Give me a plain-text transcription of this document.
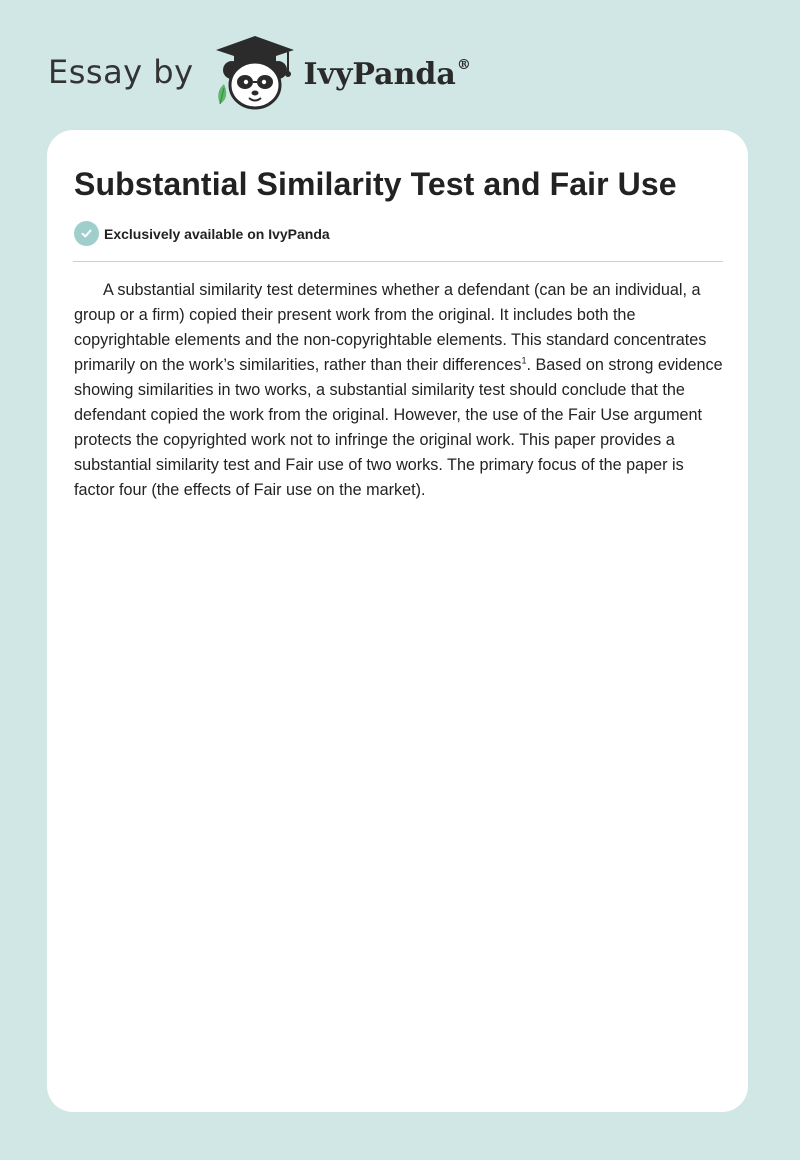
Essay by	IvyPanda®
Substantial Similarity Test and Fair Use
Exclusively available on IvyPanda

A substantial similarity test determines whether a defendant (can be an individual, a group or a firm) copied their present work from the original. It includes both the copyrightable elements and the non-copyrightable elements. This standard concentrates primarily on the work’s similarities, rather than their differences$^1$. Based on strong evidence showing similarities in two works, a substantial similarity test should conclude that the defendant copied the work from the original. However, the use of the Fair Use argument protects the copyrighted work not to infringe the original work. This paper provides a substantial similarity test and Fair use of two works. The primary focus of the paper is factor four (the effects of Fair use on the market).
